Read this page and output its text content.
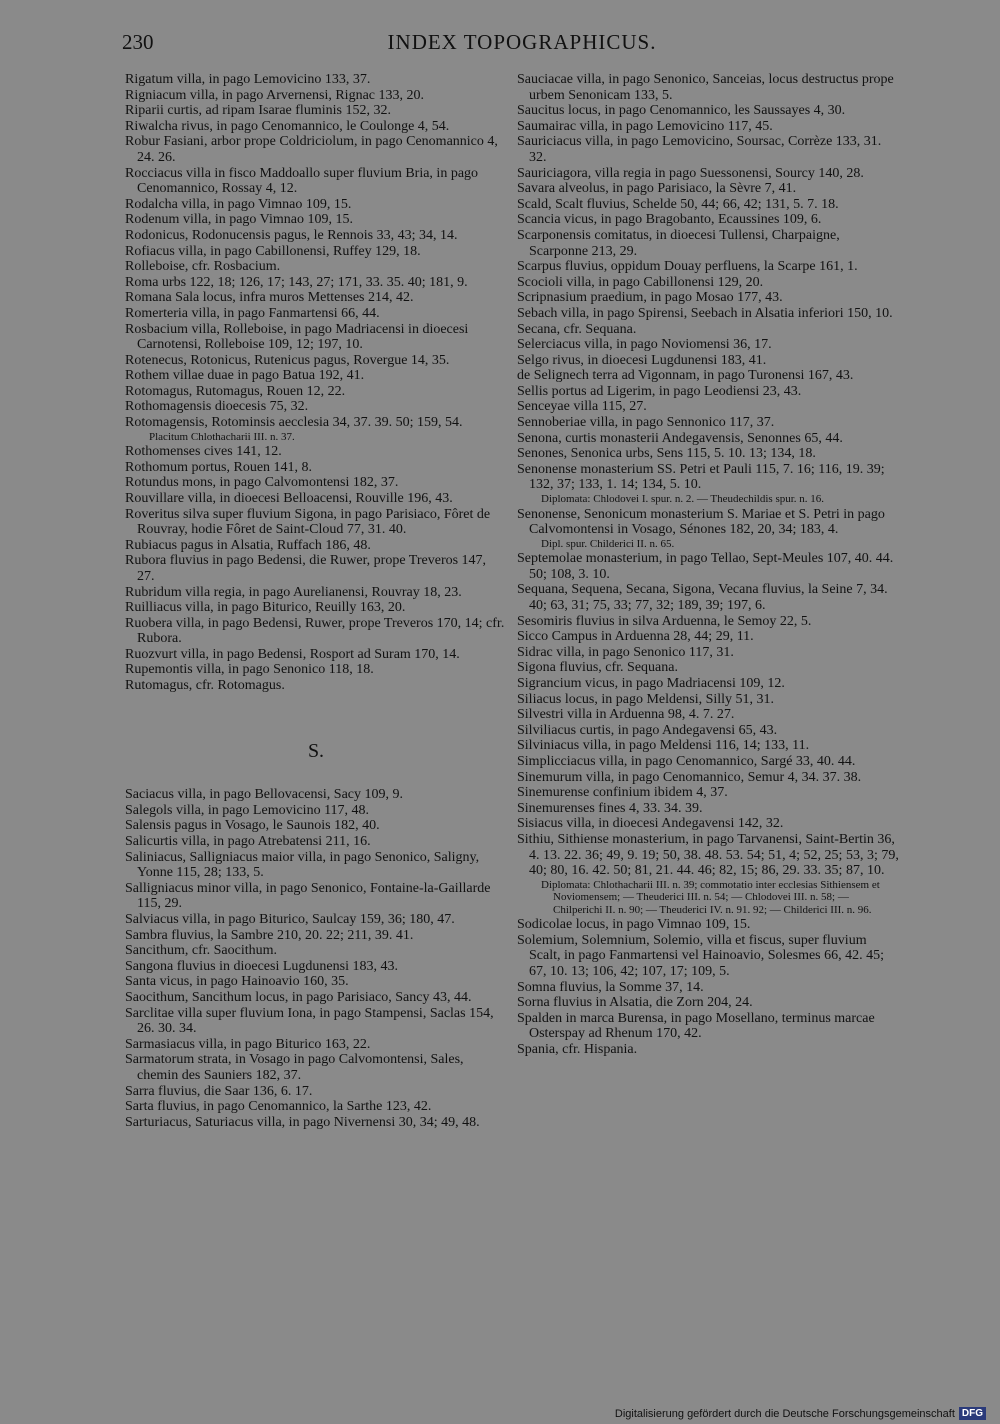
230	INDEX TOPOGRAPHICUS.

Rigatum villa, in pago Lemovicino 133, 37.

Rigniacum villa, in pago Arvernensi, Rignac 133, 20.

Riparii curtis, ad ripam Isarae fluminis 152, 32.

Riwalcha rivus, in pago Cenomannico, le Coulonge 4, 54.

Robur Fasiani, arbor prope Coldriciolum, in pago Cenomannico 4, 24. 26.

Rocciacus villa in fisco Maddoallo super fluvium Bria, in pago Cenomannico, Rossay 4, 12.

Rodalcha villa, in pago Vimnao 109, 15.

Rodenum villa, in pago Vimnao 109, 15.

Rodonicus, Rodonucensis pagus, le Rennois 33, 43; 34, 14.

Rofiacus villa, in pago Cabillonensi, Ruffey 129, 18.

Rolleboise, cfr. Rosbacium.

Roma urbs 122, 18; 126, 17; 143, 27; 171, 33. 35. 40; 181, 9.

Romana Sala locus, infra muros Mettenses 214, 42.

Romerteria villa, in pago Fanmartensi 66, 44.

Rosbacium villa, Rolleboise, in pago Madriacensi in dioecesi Carnotensi, Rolleboise 109, 12; 197, 10.

Rotenecus, Rotonicus, Rutenicus pagus, Rovergue 14, 35.

Rothem villae duae in pago Batua 192, 41.

Rotomagus, Rutomagus, Rouen 12, 22.

Rothomagensis dioecesis 75, 32.

Rotomagensis, Rotominsis aecclesia 34, 37. 39. 50; 159, 54.

Placitum Chlothacharii III. n. 37.

Rothomenses cives 141, 12.

Rothomum portus, Rouen 141, 8.

Rotundus mons, in pago Calvomontensi 182, 37.

Rouvillare villa, in dioecesi Belloacensi, Rouville 196, 43.

Roveritus silva super fluvium Sigona, in pago Parisiaco, Fôret de Rouvray, hodie Fôret de Saint-Cloud 77, 31. 40.

Rubiacus pagus in Alsatia, Ruffach 186, 48.

Rubora fluvius in pago Bedensi, die Ruwer, prope Treveros 147, 27.

Rubridum villa regia, in pago Aurelianensi, Rouvray 18, 23.

Ruilliacus villa, in pago Biturico, Reuilly 163, 20.

Ruobera villa, in pago Bedensi, Ruwer, prope Treveros 170, 14; cfr. Rubora.

Ruozvurt villa, in pago Bedensi, Rosport ad Suram 170, 14.

Rupemontis villa, in pago Senonico 118, 18.

Rutomagus, cfr. Rotomagus.

S.

Saciacus villa, in pago Bellovacensi, Sacy 109, 9.

Salegols villa, in pago Lemovicino 117, 48.

Salensis pagus in Vosago, le Saunois 182, 40.

Salicurtis villa, in pago Atrebatensi 211, 16.

Saliniacus, Salligniacus maior villa, in pago Senonico, Saligny, Yonne 115, 28; 133, 5.

Salligniacus minor villa, in pago Senonico, Fontaine-la-Gaillarde 115, 29.

Salviacus villa, in pago Biturico, Saulcay 159, 36; 180, 47.

Sambra fluvius, la Sambre 210, 20. 22; 211, 39. 41.

Sancithum, cfr. Saocithum.

Sangona fluvius in dioecesi Lugdunensi 183, 43.

Santa vicus, in pago Hainoavio 160, 35.

Saocithum, Sancithum locus, in pago Parisiaco, Sancy 43, 44.

Sarclitae villa super fluvium Iona, in pago Stampensi, Saclas 154, 26. 30. 34.

Sarmasiacus villa, in pago Biturico 163, 22.

Sarmatorum strata, in Vosago in pago Calvomontensi, Sales, chemin des Sauniers 182, 37.

Sarra fluvius, die Saar 136, 6. 17.

Sarta fluvius, in pago Cenomannico, la Sarthe 123, 42.

Sarturiacus, Saturiacus villa, in pago Nivernensi 30, 34; 49, 48.

Sauciacae villa, in pago Senonico, Sanceias, locus destructus prope urbem Senonicam 133, 5.

Saucitus locus, in pago Cenomannico, les Saussayes 4, 30.

Saumairac villa, in pago Lemovicino 117, 45.

Sauriciacus villa, in pago Lemovicino, Soursac, Corrèze 133, 31. 32.

Sauriciagora, villa regia in pago Suessonensi, Sourcy 140, 28.

Savara alveolus, in pago Parisiaco, la Sèvre 7, 41.

Scald, Scalt fluvius, Schelde 50, 44; 66, 42; 131, 5. 7. 18.

Scancia vicus, in pago Bragobanto, Ecaussines 109, 6.

Scarponensis comitatus, in dioecesi Tullensi, Charpaigne, Scarponne 213, 29.

Scarpus fluvius, oppidum Douay perfluens, la Scarpe 161, 1.

Scocioli villa, in pago Cabillonensi 129, 20.

Scripnasium praedium, in pago Mosao 177, 43.

Sebach villa, in pago Spirensi, Seebach in Alsatia inferiori 150, 10.

Secana, cfr. Sequana.

Selerciacus villa, in pago Noviomensi 36, 17.

Selgo rivus, in dioecesi Lugdunensi 183, 41.

de Selignech terra ad Vigonnam, in pago Turonensi 167, 43.

Sellis portus ad Ligerim, in pago Leodiensi 23, 43.

Senceyae villa 115, 27.

Sennoberiae villa, in pago Sennonico 117, 37.

Senona, curtis monasterii Andegavensis, Senonnes 65, 44.

Senones, Senonica urbs, Sens 115, 5. 10. 13; 134, 18.

Senonense monasterium SS. Petri et Pauli 115, 7. 16; 116, 19. 39; 132, 37; 133, 1. 14; 134, 5. 10.

Diplomata: Chlodovei I. spur. n. 2. — Theudechildis spur. n. 16.

Senonense, Senonicum monasterium S. Mariae et S. Petri in pago Calvomontensi in Vosago, Sénones 182, 20, 34; 183, 4.

Dipl. spur. Childerici II. n. 65.

Septemolae monasterium, in pago Tellao, Sept-Meules 107, 40. 44. 50; 108, 3. 10.

Sequana, Sequena, Secana, Sigona, Vecana fluvius, la Seine 7, 34. 40; 63, 31; 75, 33; 77, 32; 189, 39; 197, 6.

Sesomiris fluvius in silva Arduenna, le Semoy 22, 5.

Sicco Campus in Arduenna 28, 44; 29, 11.

Sidrac villa, in pago Senonico 117, 31.

Sigona fluvius, cfr. Sequana.

Sigrancium vicus, in pago Madriacensi 109, 12.

Siliacus locus, in pago Meldensi, Silly 51, 31.

Silvestri villa in Arduenna 98, 4. 7. 27.

Silviliacus curtis, in pago Andegavensi 65, 43.

Silviniacus villa, in pago Meldensi 116, 14; 133, 11.

Simplicciacus villa, in pago Cenomannico, Sargé 33, 40. 44.

Sinemurum villa, in pago Cenomannico, Semur 4, 34. 37. 38.

Sinemurense confinium ibidem 4, 37.

Sinemurenses fines 4, 33. 34. 39.

Sisiacus villa, in dioecesi Andegavensi 142, 32.

Sithiu, Sithiense monasterium, in pago Tarvanensi, Saint-Bertin 36, 4. 13. 22. 36; 49, 9. 19; 50, 38. 48. 53. 54; 51, 4; 52, 25; 53, 3; 79, 40; 80, 16. 42. 50; 81, 21. 44. 46; 82, 15; 86, 29. 33. 35; 87, 10.

Diplomata: Chlothacharii III. n. 39; commotatio inter ecclesias Sithiensem et Noviomensem; — Theuderici III. n. 54; — Chlodovei III. n. 58; — Chilperichi II. n. 90; — Theuderici IV. n. 91. 92; — Childerici III. n. 96.

Sodicolae locus, in pago Vimnao 109, 15.

Solemium, Solemnium, Solemio, villa et fiscus, super fluvium Scalt, in pago Fanmartensi vel Hainoavio, Solesmes 66, 42. 45; 67, 10. 13; 106, 42; 107, 17; 109, 5.

Somna fluvius, la Somme 37, 14.

Sorna fluvius in Alsatia, die Zorn 204, 24.

Spalden in marca Burensa, in pago Mosellano, terminus marcae Osterspay ad Rhenum 170, 42.

Spania, cfr. Hispania.

Digitalisierung gefördert durch die Deutsche Forschungsgemeinschaft DFG
